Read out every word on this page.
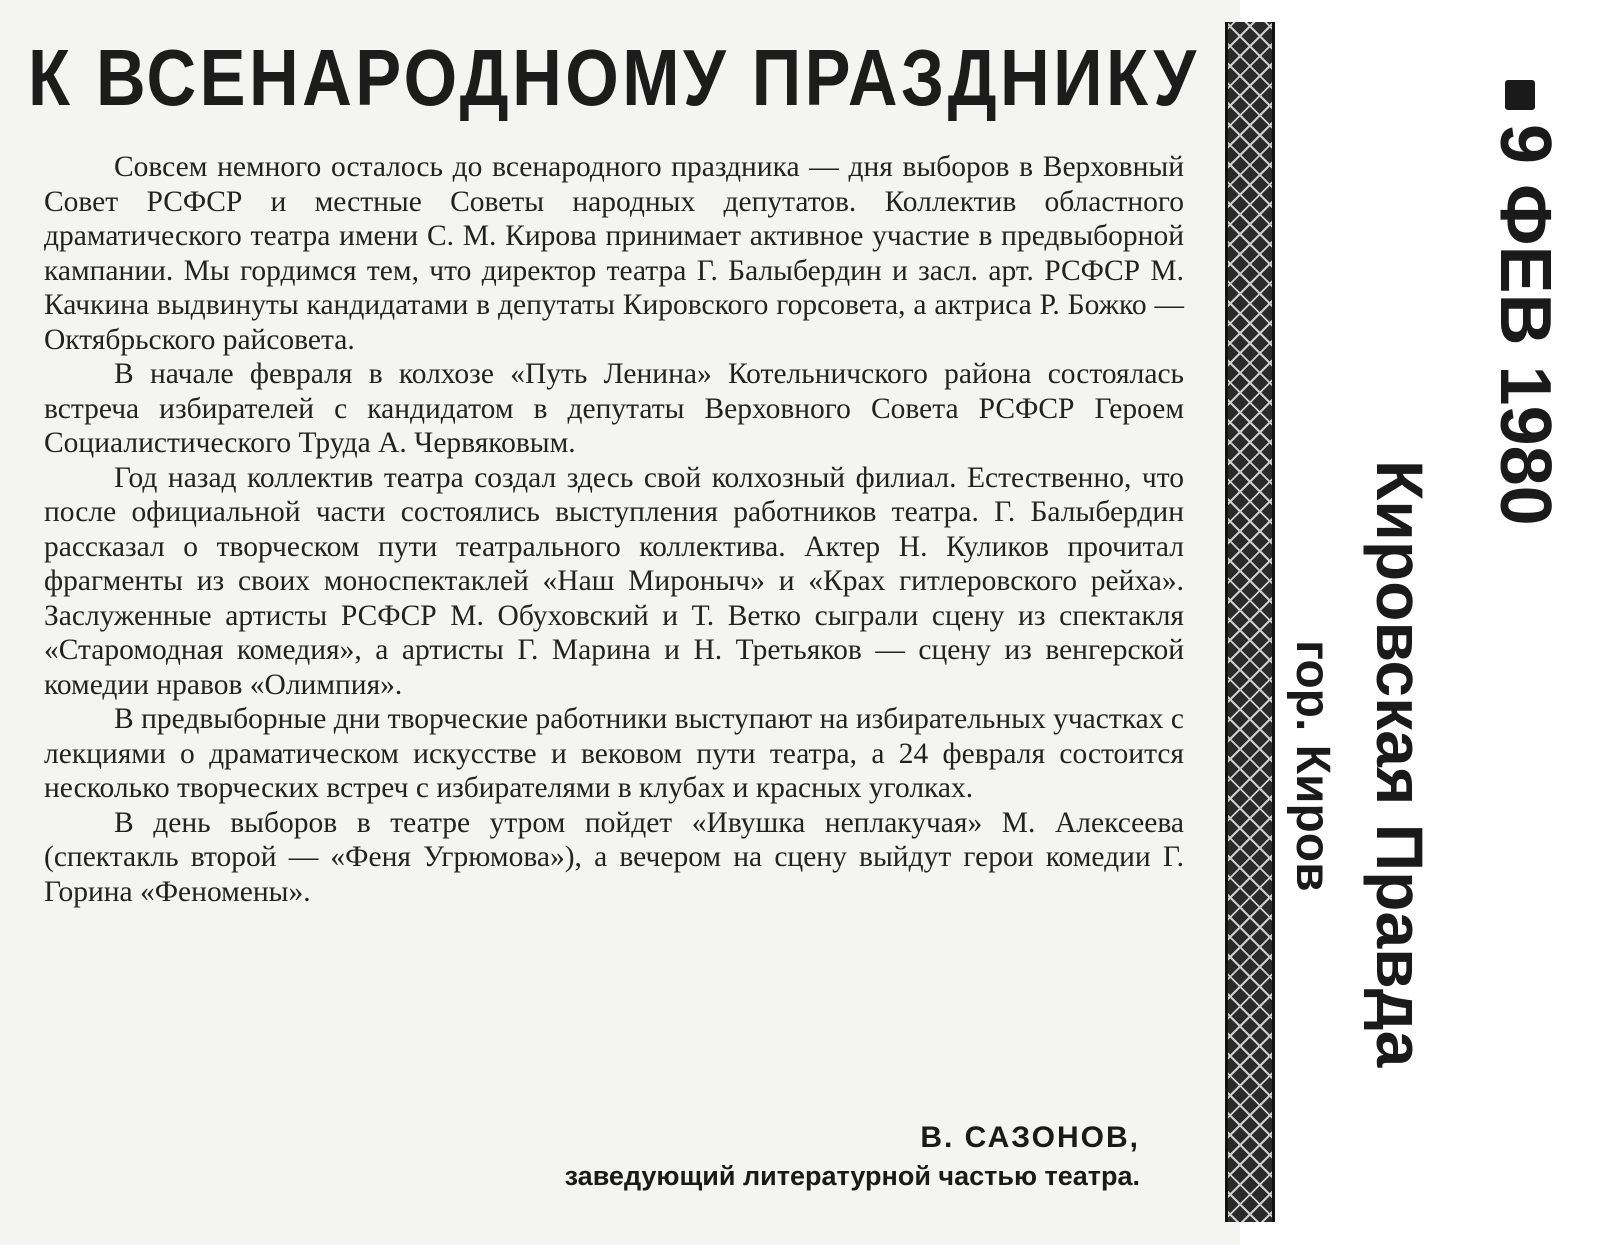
К ВСЕНАРОДНОМУ ПРАЗДНИКУ

Совсем немного осталось до всенародного праздника — дня выборов в Верховный Совет РСФСР и местные Советы народных депутатов. Коллектив областного драматического театра имени С. М. Кирова принимает активное участие в предвыборной кампании. Мы гордимся тем, что директор театра Г. Балыбердин и засл. арт. РСФСР М. Качкина выдвинуты кандидатами в депутаты Кировского горсовета, а актриса Р. Божко — Октябрьского райсовета.

В начале февраля в колхозе «Путь Ленина» Котельничского района состоялась встреча избирателей с кандидатом в депутаты Верховного Совета РСФСР Героем Социалистического Труда А. Червяковым.

Год назад коллектив театра создал здесь свой колхозный филиал. Естественно, что после официальной части состоялись выступления работников театра. Г. Балыбердин рассказал о творческом пути театрального коллектива. Актер Н. Куликов прочитал фрагменты из своих моноспектаклей «Наш Мироныч» и «Крах гитлеровского рейха». Заслуженные артисты РСФСР М. Обуховский и Т. Ветко сыграли сцену из спектакля «Старомодная комедия», а артисты Г. Марина и Н. Третьяков — сцену из венгерской комедии нравов «Олимпия».

В предвыборные дни творческие работники выступают на избирательных участках с лекциями о драматическом искусстве и вековом пути театра, а 24 февраля состоится несколько творческих встреч с избирателями в клубах и красных уголках.

В день выборов в театре утром пойдет «Ивушка неплакучая» М. Алексеева (спектакль второй — «Феня Угрюмова»), а вечером на сцену выйдут герои комедии Г. Горина «Феномены».

В. САЗОНОВ,
заведующий литературной частью театра.
9 ФЕВ 1980
Кировская Правда
гор. Киров
